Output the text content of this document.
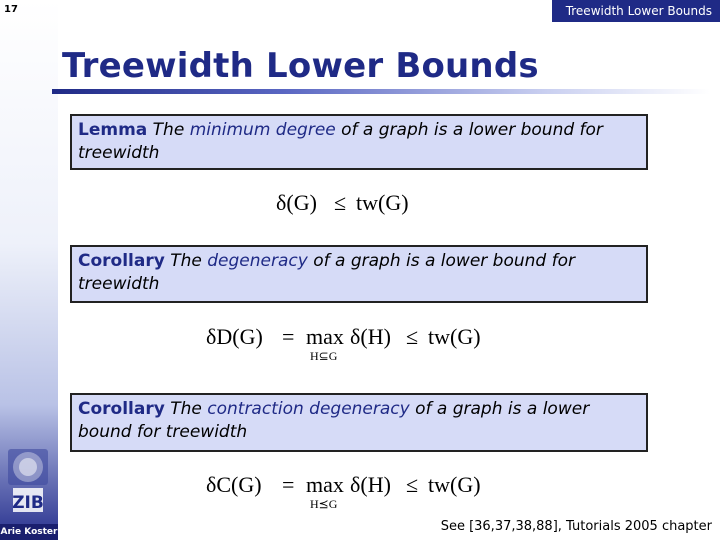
17
ZIB
Arie Koster
Treewidth Lower Bounds
Treewidth Lower Bounds
Lemma The minimum degree of a graph is a lower bound for treewidth
δ(G) ≤ tw(G)
Corollary The degeneracy of a graph is a lower bound for treewidth
δD(G) = max
H⊆G
δ(H) ≤ tw(G)
Corollary The contraction degeneracy of a graph is a lower bound for treewidth
δC(G) = max
H⪯G
δ(H) ≤ tw(G)
See [36,37,38,88], Tutorials 2005 chapter
